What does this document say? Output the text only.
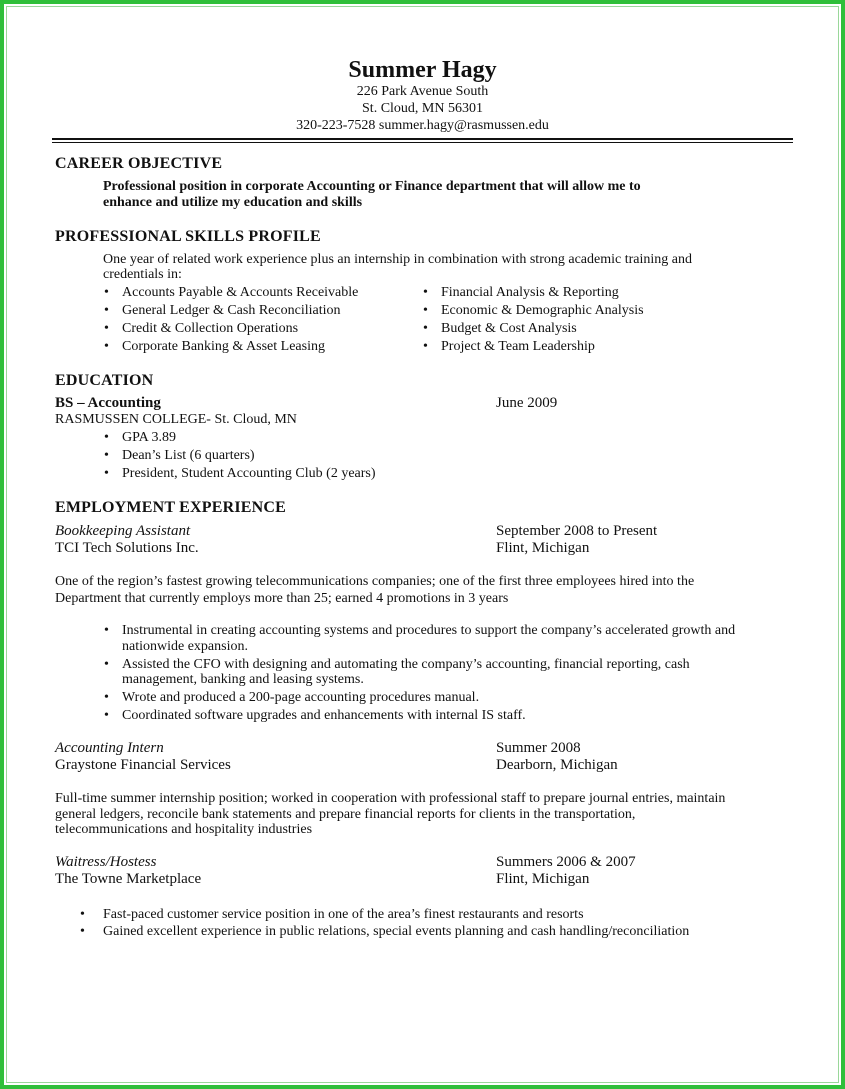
Summer Hagy
226 Park Avenue South
St. Cloud, MN 56301
320-223-7528 summer.hagy@rasmussen.edu
CAREER OBJECTIVE
Professional position in corporate Accounting or Finance department that will allow me to
enhance and utilize my education and skills
PROFESSIONAL SKILLS PROFILE
One year of related work experience plus an internship in combination with strong academic training and
credentials in:
• Accounts Payable & Accounts Receivable
• General Ledger & Cash Reconciliation
• Credit & Collection Operations
• Corporate Banking & Asset Leasing
• Financial Analysis & Reporting
• Economic & Demographic Analysis
• Budget & Cost Analysis
• Project & Team Leadership
EDUCATION
BS – Accounting	June 2009
RASMUSSEN COLLEGE- St. Cloud, MN
• GPA 3.89
• Dean’s List (6 quarters)
• President, Student Accounting Club (2 years)
EMPLOYMENT EXPERIENCE
Bookkeeping Assistant	September 2008 to Present
TCI Tech Solutions Inc.	Flint, Michigan
One of the region’s fastest growing telecommunications companies; one of the first three employees hired into the
Department that currently employs more than 25; earned 4 promotions in 3 years
• Instrumental in creating accounting systems and procedures to support the company’s accelerated growth and
nationwide expansion.
• Assisted the CFO with designing and automating the company’s accounting, financial reporting, cash
management, banking and leasing systems.
• Wrote and produced a 200-page accounting procedures manual.
• Coordinated software upgrades and enhancements with internal IS staff.
Accounting Intern	Summer 2008
Graystone Financial Services	Dearborn, Michigan
Full-time summer internship position; worked in cooperation with professional staff to prepare journal entries, maintain
general ledgers, reconcile bank statements and prepare financial reports for clients in the transportation,
telecommunications and hospitality industries
Waitress/Hostess	Summers 2006 & 2007
The Towne Marketplace	Flint, Michigan
• Fast-paced customer service position in one of the area’s finest restaurants and resorts
• Gained excellent experience in public relations, special events planning and cash handling/reconciliation
